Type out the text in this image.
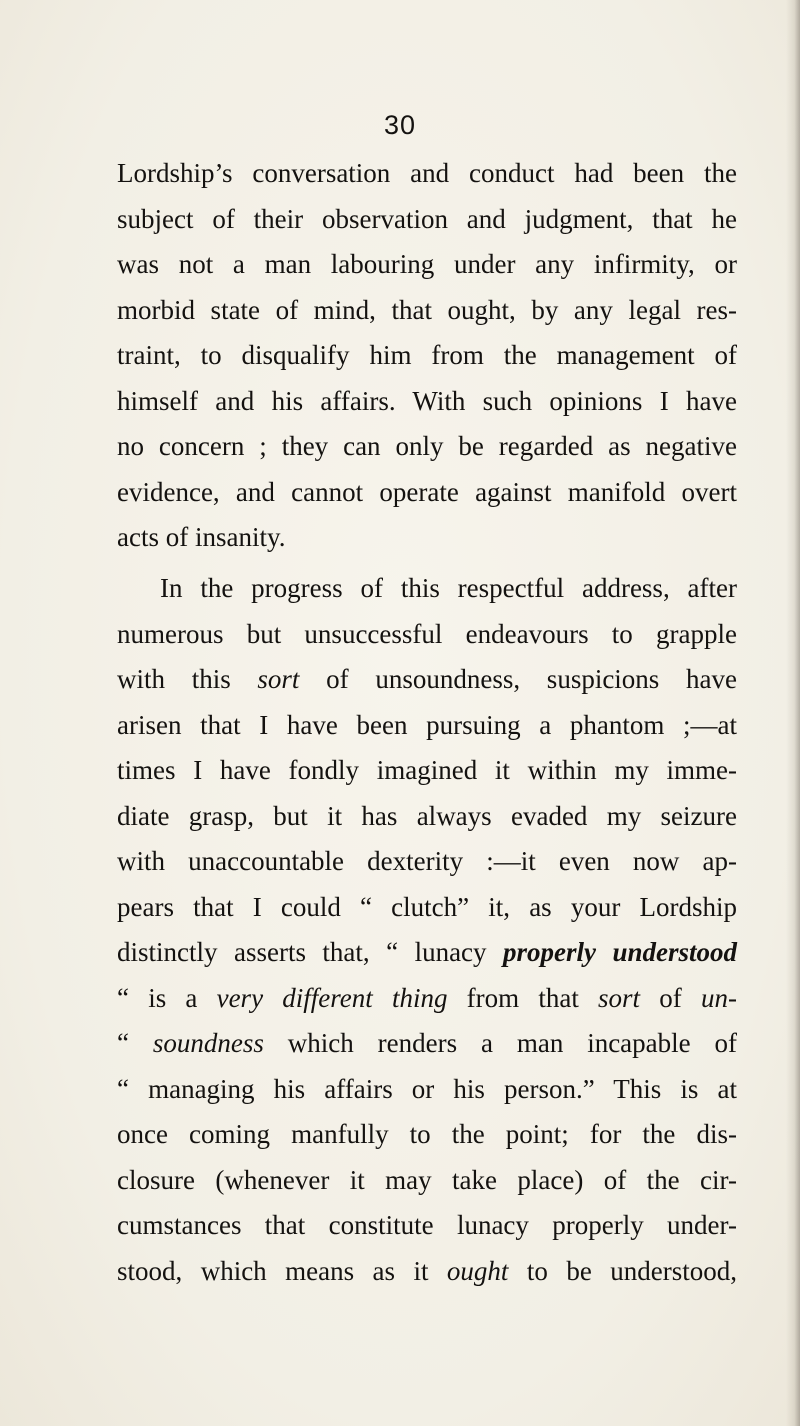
30
Lordship’s conversation and conduct had been the
subject of their observation and judgment, that he
was not a man labouring under any infirmity, or
morbid state of mind, that ought, by any legal res-
traint, to disqualify him from the management of
himself and his affairs. With such opinions I have
no concern ; they can only be regarded as negative
evidence, and cannot operate against manifold overt
acts of insanity.
In the progress of this respectful address, after
numerous but unsuccessful endeavours to grapple
with this sort of unsoundness, suspicions have
arisen that I have been pursuing a phantom ;—at
times I have fondly imagined it within my imme-
diate grasp, but it has always evaded my seizure
with unaccountable dexterity :—it even now ap-
pears that I could “ clutch” it, as your Lordship
distinctly asserts that, “ lunacy properly understood
“ is a very different thing from that sort of un-
“ soundness which renders a man incapable of
“ managing his affairs or his person.” This is at
once coming manfully to the point; for the dis-
closure (whenever it may take place) of the cir-
cumstances that constitute lunacy properly under-
stood, which means as it ought to be understood,
